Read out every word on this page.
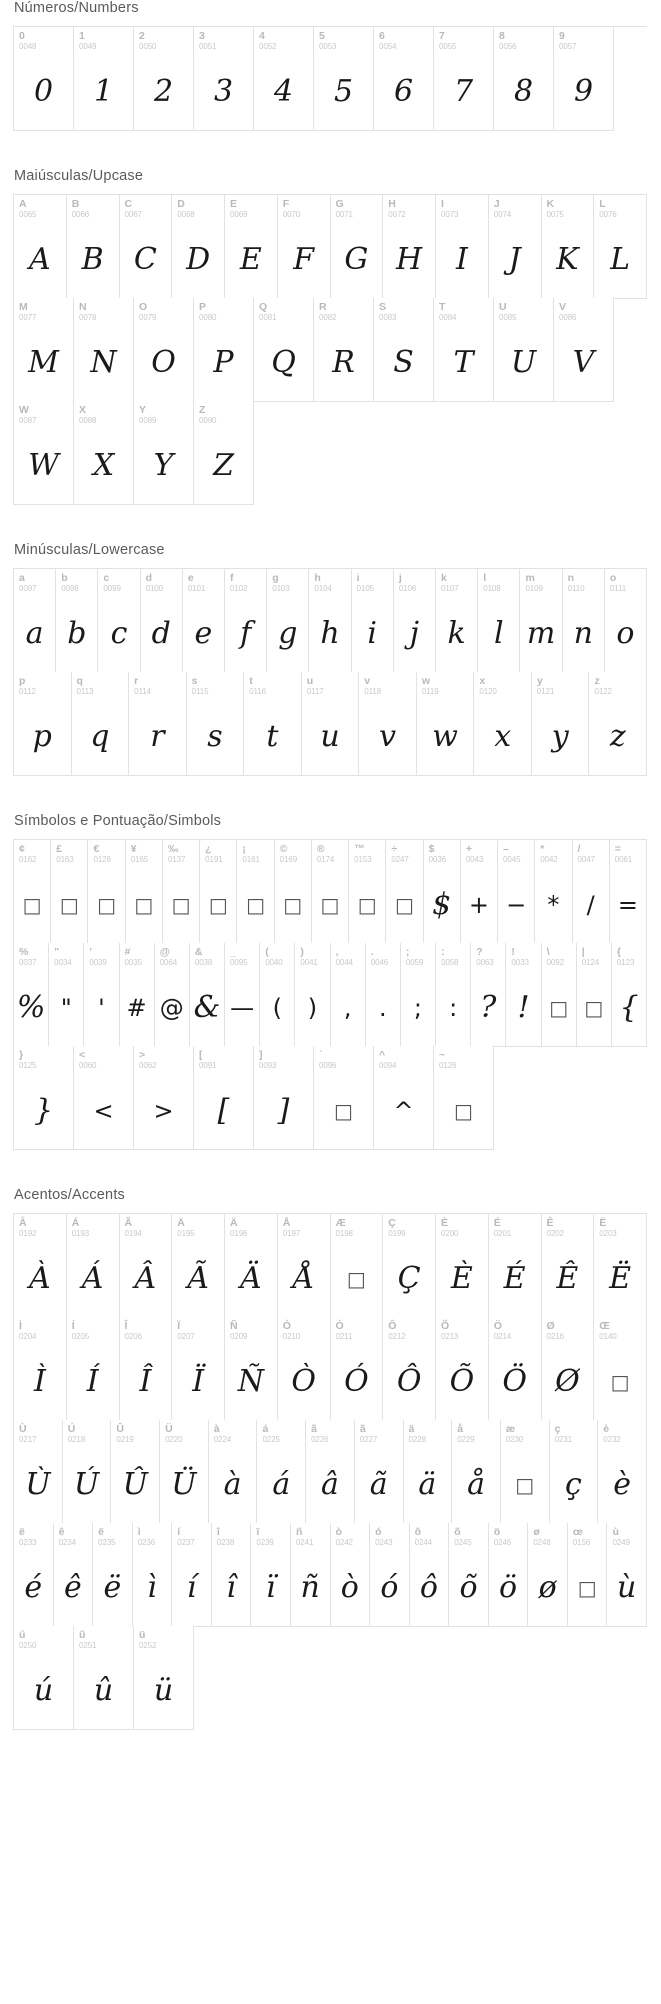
Números/Numbers
0
0048
0
1
0049
1
2
0050
2
3
0051
3
4
0052
4
5
0053
5
6
0054
6
7
0055
7
8
0056
8
9
0057
9
Maiúsculas/Upcase
A
0065
A
B
0066
B
C
0067
C
D
0068
D
E
0069
E
F
0070
F
G
0071
G
H
0072
H
I
0073
I
J
0074
J
K
0075
K
L
0076
L
M
0077
M
N
0078
N
O
0079
O
P
0080
P
Q
0081
Q
R
0082
R
S
0083
S
T
0084
T
U
0085
U
V
0086
V
W
0087
W
X
0088
X
Y
0089
Y
Z
0090
Z
Minúsculas/Lowercase
a
0097
a
b
0098
b
c
0099
c
d
0100
d
e
0101
e
f
0102
f
g
0103
g
h
0104
h
i
0105
i
j
0106
j
k
0107
k
l
0108
l
m
0109
m
n
0110
n
o
0111
o
p
0112
p
q
0113
q
r
0114
r
s
0115
s
t
0116
t
u
0117
u
v
0118
v
w
0119
w
x
0120
x
y
0121
y
z
0122
z
Símbolos e Pontuação/Simbols
¢
0162
□
£
0163
□
€
0128
□
¥
0165
□
‰
0137
□
¿
0191
□
¡
0161
□
©
0169
□
®
0174
□
™
0153
□
÷
0247
□
$
0036
$
+
0043
+
–
0045
−
*
0042
*
/
0047
/
=
0061
=
%
0037
%
"
0034
"
'
0039
'
#
0035
#
@
0064
@
&
0038
&
_
0095
—
(
0040
(
)
0041
)
,
0044
,
.
0046
.
;
0059
;
:
0058
:
?
0063
?
!
0033
!
\
0092
□
|
0124
□
{
0123
{
}
0125
}
<
0060
<
>
0062
>
[
0091
[
]
0093
]
`
0096
□
^
0094
^
~
0126
□
Acentos/Accents
Â
0192
À
Á
0193
Á
Ã
0194
Â
Ä
0195
Ã
Ä
0196
Ä
Å
0197
Å
Æ
0198
□
Ç
0199
Ç
È
0200
È
É
0201
É
Ê
0202
Ê
Ë
0203
Ë
Ì
0204
Ì
Í
0205
Í
Î
0206
Î
Ï
0207
Ï
Ñ
0209
Ñ
Ò
0210
Ò
Ó
0211
Ó
Ô
0212
Ô
Õ
0213
Õ
Ö
0214
Ö
Ø
0216
Ø
Œ
0140
□
Ù
0217
Ù
Ú
0218
Ú
Û
0219
Û
Ü
0220
Ü
à
0224
à
á
0225
á
ã
0226
â
ã
0227
ã
ä
0228
ä
å
0229
å
æ
0230
□
ç
0231
ç
è
0232
è
ë
0233
é
ê
0234
ê
ë
0235
ë
ì
0236
ì
í
0237
í
î
0238
î
ï
0239
ï
ñ
0241
ñ
ò
0242
ò
ó
0243
ó
ô
0244
ô
õ
0245
õ
ö
0246
ö
ø
0248
ø
œ
0156
□
ù
0249
ù
ú
0250
ú
û
0251
û
ü
0252
ü
